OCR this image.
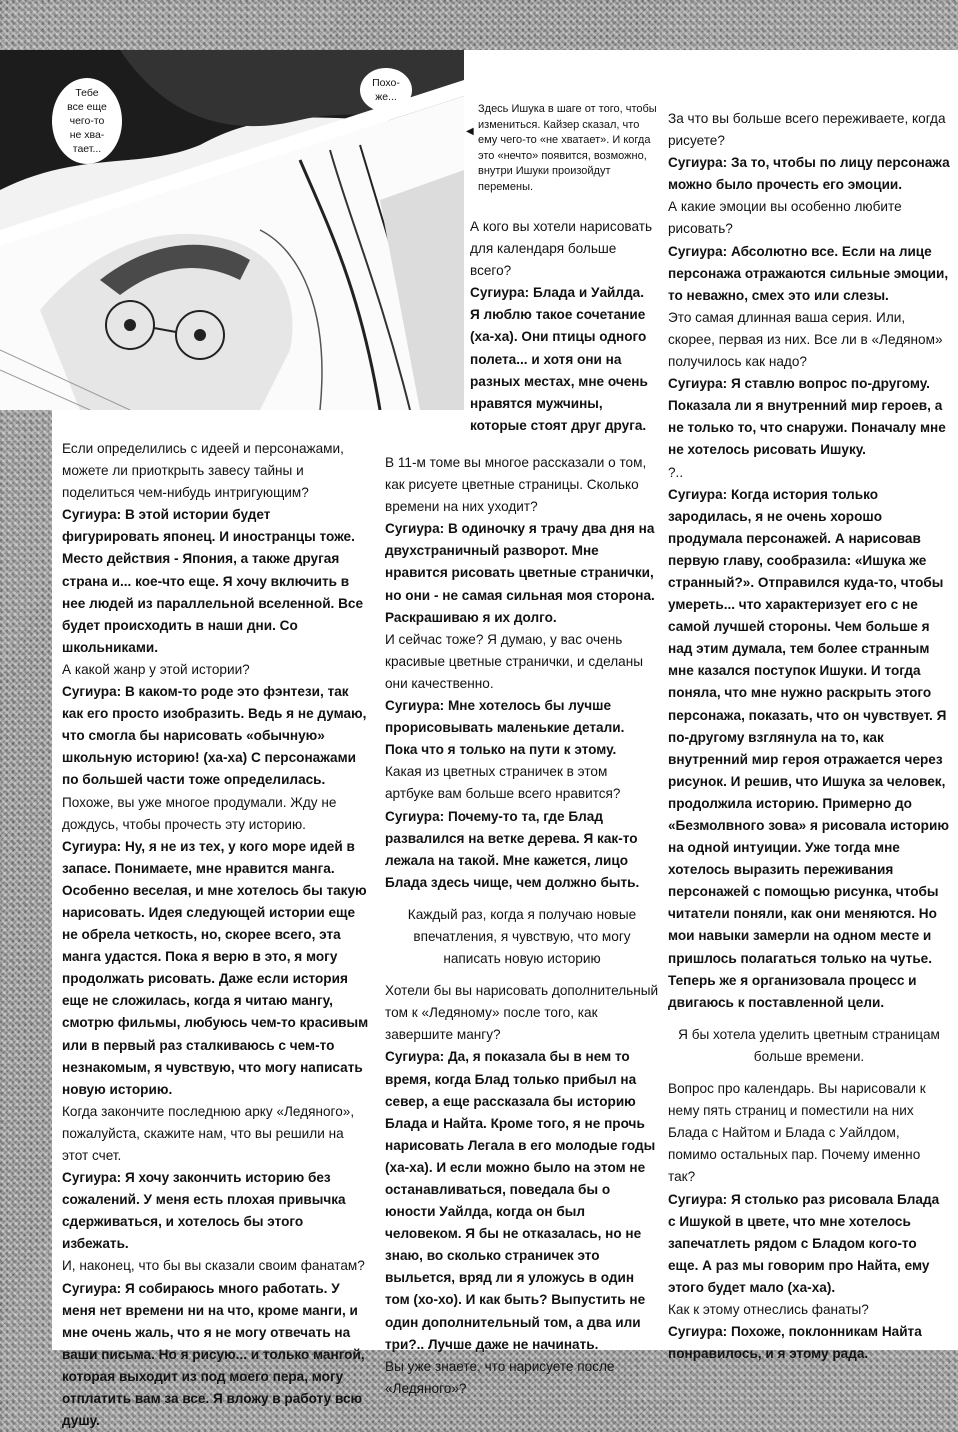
Тебе
все еще
чего-то
не хва-
тает...
Похо-
же...
◀
Здесь Ишука в шаге от того, чтобы измениться. Кайзер сказал, что ему чего-то «не хватает». И когда это «нечто» появится, возможно, внутри Ишуки произойдут перемены.

Если определились с идеей и персонажами, можете ли приоткрыть завесу тайны и поделиться чем-нибудь интригующим?

Сугиура: В этой истории будет фигурировать японец. И иностранцы тоже. Место действия - Япония, а также другая страна и... кое-что еще. Я хочу включить в нее людей из параллельной вселенной. Все будет происходить в наши дни. Со школьниками.

А какой жанр у этой истории?

Сугиура: В каком-то роде это фэнтези, так как его просто изобразить. Ведь я не думаю, что смогла бы нарисовать «обычную» школьную историю! (ха-ха) С персонажами по большей части тоже определилась.

Похоже, вы уже многое продумали. Жду не дождусь, чтобы прочесть эту историю.

Сугиура: Ну, я не из тех, у кого море идей в запасе. Понимаете, мне нравится манга. Особенно веселая, и мне хотелось бы такую нарисовать. Идея следующей истории еще не обрела четкость, но, скорее всего, эта манга удастся. Пока я верю в это, я могу продолжать рисовать. Даже если история еще не сложилась, когда я читаю мангу, смотрю фильмы, любуюсь чем-то красивым или в первый раз сталкиваюсь с чем-то незнакомым, я чувствую, что могу написать новую историю.

Когда закончите последнюю арку «Ледяного», пожалуйста, скажите нам, что вы решили на этот счет.

Сугиура: Я хочу закончить историю без сожалений. У меня есть плохая привычка сдерживаться, и хотелось бы этого избежать.

И, наконец, что бы вы сказали своим фанатам?

Сугиура: Я собираюсь много работать. У меня нет времени ни на что, кроме манги, и мне очень жаль, что я не могу отвечать на ваши письма. Но я рисую... и только мангой, которая выходит из под моего пера, могу отплатить вам за все. Я вложу в работу всю душу.

А кого вы хотели нарисовать для календаря больше всего?

Сугиура: Блада и Уайлда. Я люблю такое сочетание (ха-ха). Они птицы одного полета... и хотя они на разных местах, мне очень нравятся мужчины, которые стоят друг друга.

В 11-м томе вы многое рассказали о том, как рисуете цветные страницы. Сколько времени на них уходит?

Сугиура: В одиночку я трачу два дня на двухстраничный разворот. Мне нравится рисовать цветные странички, но они - не самая сильная моя сторона. Раскрашиваю я их долго.

И сейчас тоже? Я думаю, у вас очень красивые цветные странички, и сделаны они качественно.

Сугиура: Мне хотелось бы лучше прорисовывать маленькие детали. Пока что я только на пути к этому.

Какая из цветных страничек в этом артбуке вам больше всего нравится?

Сугиура: Почему-то та, где Блад развалился на ветке дерева. Я как-то лежала на такой. Мне кажется, лицо Блада здесь чище, чем должно быть.

Каждый раз, когда я получаю новые впечатления, я чувствую, что могу написать новую историю

Хотели бы вы нарисовать дополнительный том к «Ледяному» после того, как завершите мангу?

Сугиура: Да, я показала бы в нем то время, когда Блад только прибыл на север, а еще рассказала бы историю Блада и Найта. Кроме того, я не прочь нарисовать Легала в его молодые годы (ха-ха). И если можно было на этом не останавливаться, поведала бы о юности Уайлда, когда он был человеком. Я бы не отказалась, но не знаю, во сколько страничек это выльется, вряд ли я уложусь в один том (хо-хо). И как быть? Выпустить не один дополнительный том, а два или три?.. Лучше даже не начинать.

Вы уже знаете, что нарисуете после «Ледяного»?

За что вы больше всего переживаете, когда рисуете?

Сугиура: За то, чтобы по лицу персонажа можно было прочесть его эмоции.

А какие эмоции вы особенно любите рисовать?

Сугиура: Абсолютно все. Если на лице персонажа отражаются сильные эмоции, то неважно, смех это или слезы.

Это самая длинная ваша серия. Или, скорее, первая из них. Все ли в «Ледяном» получилось как надо?

Сугиура: Я ставлю вопрос по-другому. Показала ли я внутренний мир героев, а не только то, что снаружи. Поначалу мне не хотелось рисовать Ишуку.

?..

Сугиура: Когда история только зародилась, я не очень хорошо продумала персонажей. А нарисовав первую главу, сообразила: «Ишука же странный?». Отправился куда-то, чтобы умереть... что характеризует его с не самой лучшей стороны. Чем больше я над этим думала, тем более странным мне казался поступок Ишуки. И тогда поняла, что мне нужно раскрыть этого персонажа, показать, что он чувствует. Я по-другому взглянула на то, как внутренний мир героя отражается через рисунок. И решив, что Ишука за человек, продолжила историю. Примерно до «Безмолвного зова» я рисовала историю на одной интуиции. Уже тогда мне хотелось выразить переживания персонажей с помощью рисунка, чтобы читатели поняли, как они меняются. Но мои навыки замерли на одном месте и пришлось полагаться только на чутье. Теперь же я организовала процесс и двигаюсь к поставленной цели.

Я бы хотела уделить цветным страницам больше времени.

Вопрос про календарь. Вы нарисовали к нему пять страниц и поместили на них Блада с Найтом и Блада с Уайлдом, помимо остальных пар. Почему именно так?

Сугиура: Я столько раз рисовала Блада с Ишукой в цвете, что мне хотелось запечатлеть рядом с Бладом кого-то еще. А раз мы говорим про Найта, ему этого будет мало (ха-ха).

Как к этому отнеслись фанаты?

Сугиура: Похоже, поклонникам Найта понравилось, и я этому рада.
